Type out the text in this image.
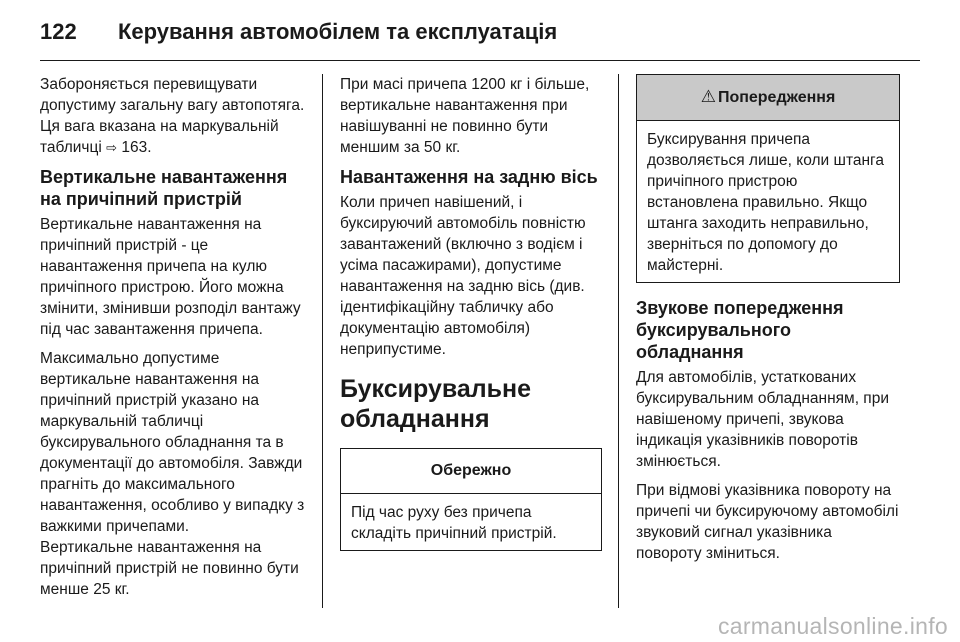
122 Керування автомобілем та експлуатація

Забороняється перевищувати допустиму загальну вагу автопотяга. Ця вага вказана на маркувальній табличці ⇨ 163.

Вертикальне навантаження на причіпний пристрій

Вертикальне навантаження на причіпний пристрій - це навантаження причепа на кулю причіпного пристрою. Його можна змінити, змінивши розподіл вантажу під час завантаження причепа.

Максимально допустиме вертикальне навантаження на причіпний пристрій указано на маркувальній табличці буксирувального обладнання та в документації до автомобіля. Завжди прагніть до максимального навантаження, особливо у випадку з важкими причепами.

Вертикальне навантаження на причіпний пристрій не повинно бути менше 25 кг.

При масі причепа 1200 кг і більше, вертикальне навантаження при навішуванні не повинно бути меншим за 50 кг.

Навантаження на задню вісь

Коли причеп навішений, і буксируючий автомобіль повністю завантажений (включно з водієм і усіма пасажирами), допустиме навантаження на задню вісь (див. ідентифікаційну табличку або документацію автомобіля) неприпустиме.

Буксирувальне обладнання
Обережно

Під час руху без причепа складіть причіпний пристрій.

⚠ Попередження

Буксирування причепа дозволяється лише, коли штанга причіпного пристрою встановлена правильно. Якщо штанга заходить неправильно, зверніться по допомогу до майстерні.

Звукове попередження буксирувального обладнання

Для автомобілів, устаткованих буксирувальним обладнанням, при навішеному причепі, звукова індикація указівників поворотів змінюється.

При відмові указівника повороту на причепі чи буксируючому автомобілі звуковий сигнал указівника повороту зміниться.

carmanualsonline.info
